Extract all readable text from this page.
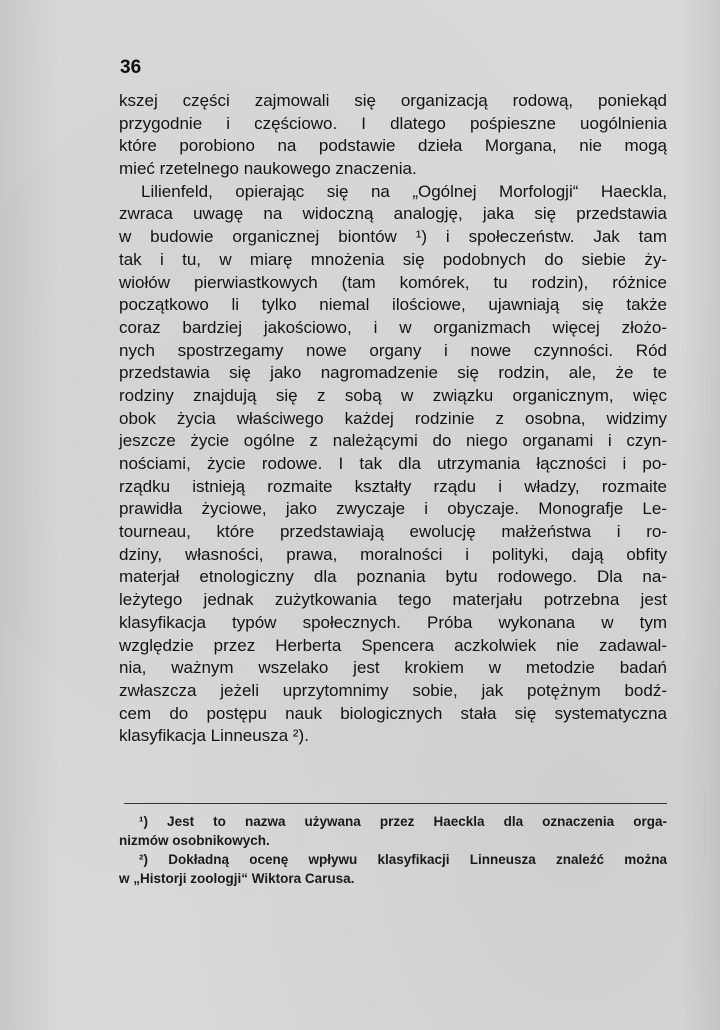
36
kszej części zajmowali się organizacją rodową, poniekąd
przygodnie i częściowo. I dlatego pośpieszne uogólnienia
które porobiono na podstawie dzieła Morgana, nie mogą
mieć rzetelnego naukowego znaczenia.
Lilienfeld, opierając się na „Ogólnej Morfologji“ Haeckla,
zwraca uwagę na widoczną analogję, jaka się przedstawia
w budowie organicznej biontów ¹) i społeczeństw. Jak tam
tak i tu, w miarę mnożenia się podobnych do siebie ży-
wiołów pierwiastkowych (tam komórek, tu rodzin), różnice
początkowo li tylko niemal ilościowe, ujawniają się także
coraz bardziej jakościowo, i w organizmach więcej złożo-
nych spostrzegamy nowe organy i nowe czynności. Ród
przedstawia się jako nagromadzenie się rodzin, ale, że te
rodziny znajdują się z sobą w związku organicznym, więc
obok życia właściwego każdej rodzinie z osobna, widzimy
jeszcze życie ogólne z należącymi do niego organami i czyn-
nościami, życie rodowe. I tak dla utrzymania łączności i po-
rządku istnieją rozmaite kształty rządu i władzy, rozmaite
prawidła życiowe, jako zwyczaje i obyczaje. Monografje Le-
tourneau, które przedstawiają ewolucję małżeństwa i ro-
dziny, własności, prawa, moralności i polityki, dają obfity
materjał etnologiczny dla poznania bytu rodowego. Dla na-
leżytego jednak zużytkowania tego materjału potrzebna jest
klasyfikacja typów społecznych. Próba wykonana w tym
względzie przez Herberta Spencera aczkolwiek nie zadawal-
nia, ważnym wszelako jest krokiem w metodzie badań
zwłaszcza jeżeli uprzytomnimy sobie, jak potężnym bodź-
cem do postępu nauk biologicznych stała się systematyczna
klasyfikacja Linneusza ²).
¹) Jest to nazwa używana przez Haeckla dla oznaczenia orga-
nizmów osobnikowych.
²) Dokładną ocenę wpływu klasyfikacji Linneusza znaleźć można
w „Historji zoologji“ Wiktora Carusa.
